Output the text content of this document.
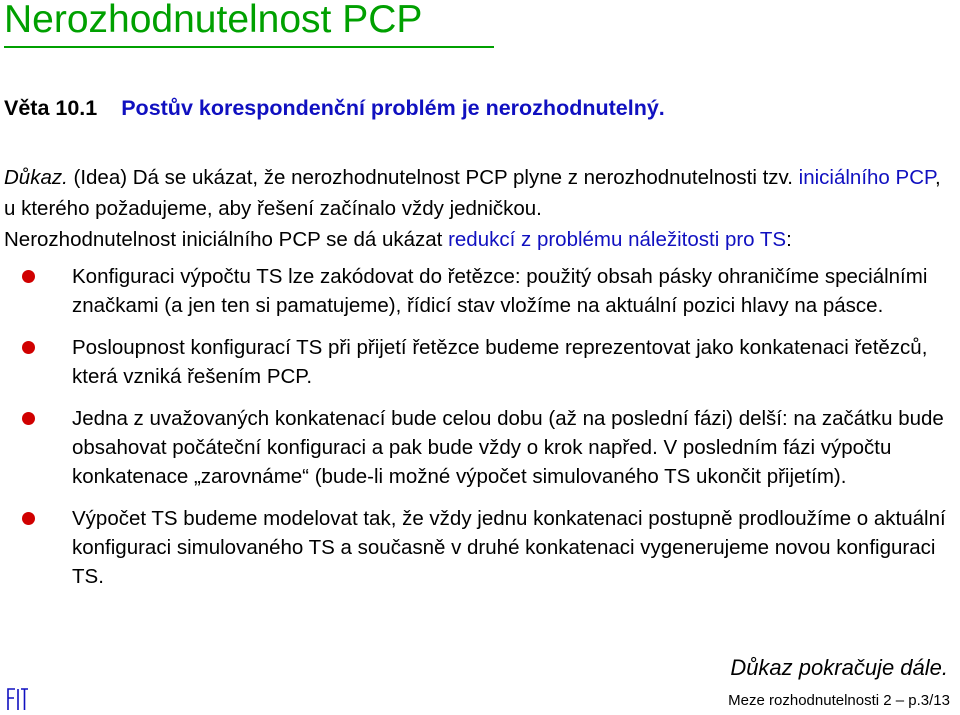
Nerozhodnutelnost PCP
Věta 10.1 Postův korespondenční problém je nerozhodnutelný.
Důkaz. (Idea) Dá se ukázat, že nerozhodnutelnost PCP plyne z nerozhodnutelnosti tzv. iniciálního PCP, u kterého požadujeme, aby řešení začínalo vždy jedničkou.
Nerozhodnutelnost iniciálního PCP se dá ukázat redukcí z problému náležitosti pro TS:
Konfiguraci výpočtu TS lze zakódovat do řetězce: použitý obsah pásky ohraničíme speciálními značkami (a jen ten si pamatujeme), řídicí stav vložíme na aktuální pozici hlavy na pásce.
Posloupnost konfigurací TS při přijetí řetězce budeme reprezentovat jako konkatenaci řetězců, která vzniká řešením PCP.
Jedna z uvažovaných konkatenací bude celou dobu (až na poslední fázi) delší: na začátku bude obsahovat počáteční konfiguraci a pak bude vždy o krok napřed. V posledním fázi výpočtu konkatenace „zarovnáme“ (bude-li možné výpočet simulovaného TS ukončit přijetím).
Výpočet TS budeme modelovat tak, že vždy jednu konkatenaci postupně prodloužíme o aktuální konfiguraci simulovaného TS a současně v druhé konkatenaci vygenerujeme novou konfiguraci TS.
Důkaz pokračuje dále.
Meze rozhodnutelnosti 2 – p.3/13
